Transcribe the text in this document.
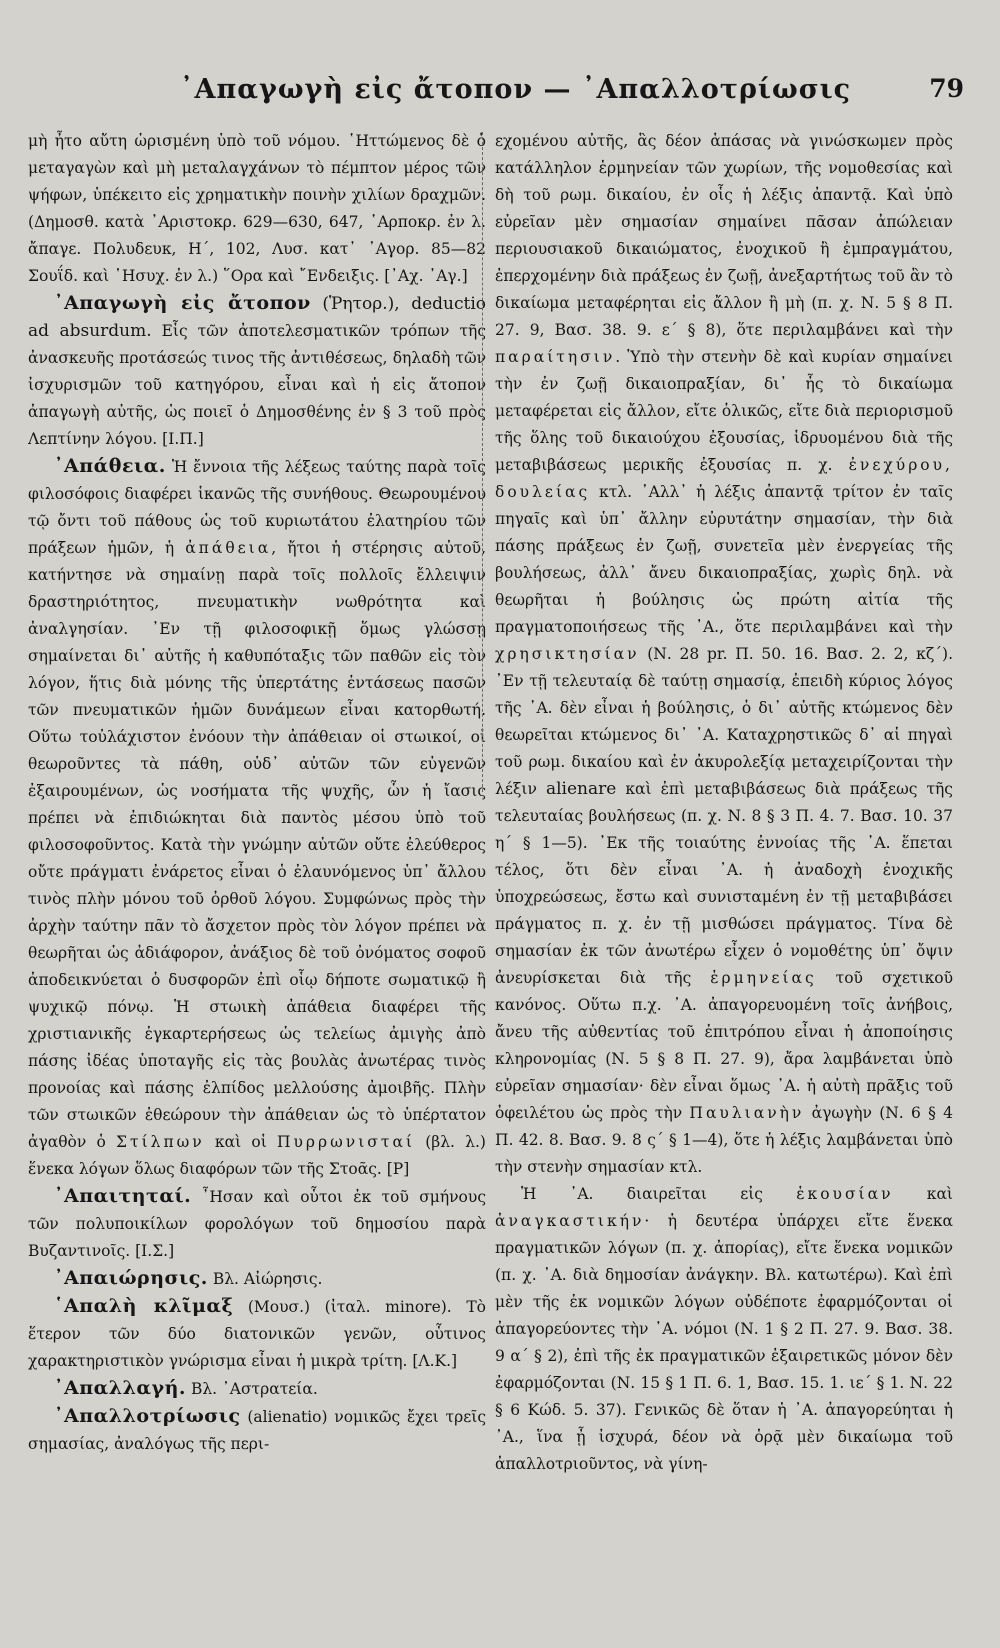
᾿Απαγωγὴ εἰς ἄτοπον — ᾿Απαλλοτρίωσις	79

μὴ ἦτο αὔτη ὡρισμένη ὑπὸ τοῦ νόμου. ῾Ηττώμενος δὲ ὁ μεταγαγὼν καὶ μὴ μεταλαγχάνων τὸ πέμπτον μέρος τῶν ψήφων, ὑπέκειτο εἰς χρηματικὴν ποινὴν χιλίων δραχμῶν. (Δημοσθ. κατὰ ᾿Αριστοκρ. 629—630, 647, ῾Αρποκρ. ἐν λ. ἄπαγε. Πολυδευκ, Η΄, 102, Λυσ. κατ᾿ ᾿Αγορ. 85—82 Σουΐδ. καὶ ῾Ησυχ. ἐν λ.) ῞Ορα καὶ ῎Ενδειξις. [᾿Αχ. ᾿Αγ.]

᾿Απαγωγὴ εἰς ἄτοπον (Ῥητορ.), deductio ad absurdum. Εἷς τῶν ἀποτελεσματικῶν τρόπων τῆς ἀνασκευῆς προτάσεώς τινος τῆς ἀντιθέσεως, δηλαδὴ τῶν ἰσχυρισμῶν τοῦ κατηγόρου, εἶναι καὶ ἡ εἰς ἄτοπον ἀπαγωγὴ αὐτῆς, ὡς ποιεῖ ὁ Δημοσθένης ἐν § 3 τοῦ πρὸς Λεπτίνην λόγου. [Ι.Π.]

᾿Απάθεια. Ἡ ἔννοια τῆς λέξεως ταύτης παρὰ τοῖς φιλοσόφοις διαφέρει ἱκανῶς τῆς συνήθους. Θεωρουμένου τῷ ὄντι τοῦ πάθους ὡς τοῦ κυριωτάτου ἐλατηρίου τῶν πράξεων ἡμῶν, ἡ ἀπάθεια, ἤτοι ἡ στέρησις αὐτοῦ, κατήντησε νὰ σημαίνῃ παρὰ τοῖς πολλοῖς ἔλλειψιν δραστηριότητος, πνευματικὴν νωθρότητα καὶ ἀναλγησίαν. ᾿Εν τῇ φιλοσοφικῇ ὅμως γλώσσῃ σημαίνεται δι᾿ αὐτῆς ἡ καθυπόταξις τῶν παθῶν εἰς τὸν λόγον, ἥτις διὰ μόνης τῆς ὑπερτάτης ἐντάσεως πασῶν τῶν πνευματικῶν ἡμῶν δυνάμεων εἶναι κατορθωτή. Οὕτω τοὐλάχιστον ἐνόουν τὴν ἀπάθειαν οἱ στωικοί, οἱ θεωροῦντες τὰ πάθη, οὐδ᾿ αὐτῶν τῶν εὐγενῶν ἐξαιρουμένων, ὡς νοσήματα τῆς ψυχῆς, ὧν ἡ ἴασις πρέπει νὰ ἐπιδιώκηται διὰ παντὸς μέσου ὑπὸ τοῦ φιλοσοφοῦντος. Κατὰ τὴν γνώμην αὐτῶν οὔτε ἐλεύθερος οὔτε πράγματι ἐνάρετος εἶναι ὁ ἐλαυνόμενος ὑπ᾿ ἄλλου τινὸς πλὴν μόνου τοῦ ὀρθοῦ λόγου. Συμφώνως πρὸς τὴν ἀρχὴν ταύτην πᾶν τὸ ἄσχετον πρὸς τὸν λόγον πρέπει νὰ θεωρῆται ὡς ἀδιάφορον, ἀνάξιος δὲ τοῦ ὀνόματος σοφοῦ ἀποδεικνύεται ὁ δυσφορῶν ἐπὶ οἷῳ δήποτε σωματικῷ ἢ ψυχικῷ πόνῳ. Ἡ στωικὴ ἀπάθεια διαφέρει τῆς χριστιανικῆς ἐγκαρτερήσεως ὡς τελείως ἀμιγὴς ἀπὸ πάσης ἰδέας ὑποταγῆς εἰς τὰς βουλὰς ἀνωτέρας τινὸς προνοίας καὶ πάσης ἐλπίδος μελλούσης ἀμοιβῆς. Πλὴν τῶν στωικῶν ἐθεώρουν τὴν ἀπάθειαν ὡς τὸ ὑπέρτατον ἀγαθὸν ὁ Στίλπων καὶ οἱ Πυρρωνισταί (βλ. λ.) ἕνεκα λόγων ὅλως διαφόρων τῶν τῆς Στοᾶς. [Ρ]

᾿Απαιτηταί. ῏Ησαν καὶ οὗτοι ἐκ τοῦ σμήνους τῶν πολυποικίλων φορολόγων τοῦ δημοσίου παρὰ Βυζαντινοῖς. [Ι.Σ.]

᾿Απαιώρησις. Βλ. Αἰώρησις.

῾Απαλὴ κλῖμαξ (Μουσ.) (ἰταλ. minore). Τὸ ἕτερον τῶν δύο διατονικῶν γενῶν, οὗτινος χαρακτηριστικὸν γνώρισμα εἶναι ἡ μικρὰ τρίτη. [Λ.Κ.]

᾿Απαλλαγή. Βλ. ᾿Αστρατεία.

᾿Απαλλοτρίωσις (alienatio) νομικῶς ἔχει τρεῖς σημασίας, ἀναλόγως τῆς περι-

εχομένου αὐτῆς, ἃς δέον ἁπάσας νὰ γινώσκωμεν πρὸς κατάλληλον ἑρμηνείαν τῶν χωρίων, τῆς νομοθεσίας καὶ δὴ τοῦ ρωμ. δικαίου, ἐν οἷς ἡ λέξις ἀπαντᾷ. Καὶ ὑπὸ εὐρεῖαν μὲν σημασίαν σημαίνει πᾶσαν ἀπώλειαν περιουσιακοῦ δικαιώματος, ἐνοχικοῦ ἢ ἐμπραγμάτου, ἐπερχομένην διὰ πράξεως ἐν ζωῇ, ἀνεξαρτήτως τοῦ ἂν τὸ δικαίωμα μεταφέρηται εἰς ἄλλον ἢ μὴ (π. χ. Ν. 5 § 8 Π. 27. 9, Βασ. 38. 9. ε΄ § 8), ὅτε περιλαμβάνει καὶ τὴν παραίτησιν. Ὑπὸ τὴν στενὴν δὲ καὶ κυρίαν σημαίνει τὴν ἐν ζωῇ δικαιοπραξίαν, δι᾿ ἧς τὸ δικαίωμα μεταφέρεται εἰς ἄλλον, εἴτε ὁλικῶς, εἴτε διὰ περιορισμοῦ τῆς ὅλης τοῦ δικαιούχου ἐξουσίας, ἱδρυομένου διὰ τῆς μεταβιβάσεως μερικῆς ἐξουσίας π. χ. ἐνεχύρου, δουλείας κτλ. ᾿Αλλ᾿ ἡ λέξις ἀπαντᾷ τρίτον ἐν ταῖς πηγαῖς καὶ ὑπ᾿ ἄλλην εὐρυτάτην σημασίαν, τὴν διὰ πάσης πράξεως ἐν ζωῇ, συνετεῖα μὲν ἐνεργείας τῆς βουλήσεως, ἀλλ᾿ ἄνευ δικαιοπραξίας, χωρὶς δηλ. νὰ θεωρῆται ἡ βούλησις ὡς πρώτη αἰτία τῆς πραγματοποιήσεως τῆς ᾿Α., ὅτε περιλαμβάνει καὶ τὴν χρησικτησίαν (Ν. 28 pr. Π. 50. 16. Βασ. 2. 2, κζ΄). ᾿Εν τῇ τελευταίᾳ δὲ ταύτῃ σημασίᾳ, ἐπειδὴ κύριος λόγος τῆς ᾿Α. δὲν εἶναι ἡ βούλησις, ὁ δι᾿ αὐτῆς κτώμενος δὲν θεωρεῖται κτώμενος δι᾿ ᾿Α. Καταχρηστικῶς δ᾿ αἱ πηγαὶ τοῦ ρωμ. δικαίου καὶ ἐν ἀκυρολεξίᾳ μεταχειρίζονται τὴν λέξιν alienare καὶ ἐπὶ μεταβιβάσεως διὰ πράξεως τῆς τελευταίας βουλήσεως (π. χ. Ν. 8 § 3 Π. 4. 7. Βασ. 10. 37 η΄ § 1—5). ᾿Εκ τῆς τοιαύτης ἐννοίας τῆς ᾿Α. ἕπεται τέλος, ὅτι δὲν εἶναι ᾿Α. ἡ ἀναδοχὴ ἐνοχικῆς ὑποχρεώσεως, ἔστω καὶ συνισταμένη ἐν τῇ μεταβιβάσει πράγματος π. χ. ἐν τῇ μισθώσει πράγματος. Τίνα δὲ σημασίαν ἐκ τῶν ἀνωτέρω εἶχεν ὁ νομοθέτης ὑπ᾿ ὄψιν ἀνευρίσκεται διὰ τῆς ἑρμηνείας τοῦ σχετικοῦ κανόνος. Οὕτω π.χ. ᾿Α. ἀπαγορευομένη τοῖς ἀνήβοις, ἄνευ τῆς αὐθεντίας τοῦ ἐπιτρόπου εἶναι ἡ ἀποποίησις κληρονομίας (Ν. 5 § 8 Π. 27. 9), ἄρα λαμβάνεται ὑπὸ εὐρεῖαν σημασίαν· δὲν εἶναι ὅμως ᾿Α. ἡ αὐτὴ πρᾶξις τοῦ ὀφειλέτου ὡς πρὸς τὴν Παυλιανὴν ἀγωγὴν (Ν. 6 § 4 Π. 42. 8. Βασ. 9. 8 ς΄ § 1—4), ὅτε ἡ λέξις λαμβάνεται ὑπὸ τὴν στενὴν σημασίαν κτλ.

Ἡ ᾿Α. διαιρεῖται εἰς ἑκουσίαν καὶ ἀναγκαστικήν· ἡ δευτέρα ὑπάρχει εἴτε ἕνεκα πραγματικῶν λόγων (π. χ. ἀπορίας), εἴτε ἕνεκα νομικῶν (π. χ. ᾿Α. διὰ δημοσίαν ἀνάγκην. Βλ. κατωτέρω). Καὶ ἐπὶ μὲν τῆς ἐκ νομικῶν λόγων οὐδέποτε ἐφαρμόζονται οἱ ἀπαγορεύοντες τὴν ᾿Α. νόμοι (Ν. 1 § 2 Π. 27. 9. Βασ. 38. 9 α΄ § 2), ἐπὶ τῆς ἐκ πραγματικῶν ἐξαιρετικῶς μόνον δὲν ἐφαρμόζονται (Ν. 15 § 1 Π. 6. 1, Βασ. 15. 1. ιε΄ § 1. Ν. 22 § 6 Κώδ. 5. 37). Γενικῶς δὲ ὅταν ἡ ᾿Α. ἀπαγορεύηται ἡ ᾿Α., ἵνα ᾖ ἰσχυρά, δέον νὰ ὁρᾷ μὲν δικαίωμα τοῦ ἀπαλλοτριοῦντος, νὰ γίνη-
